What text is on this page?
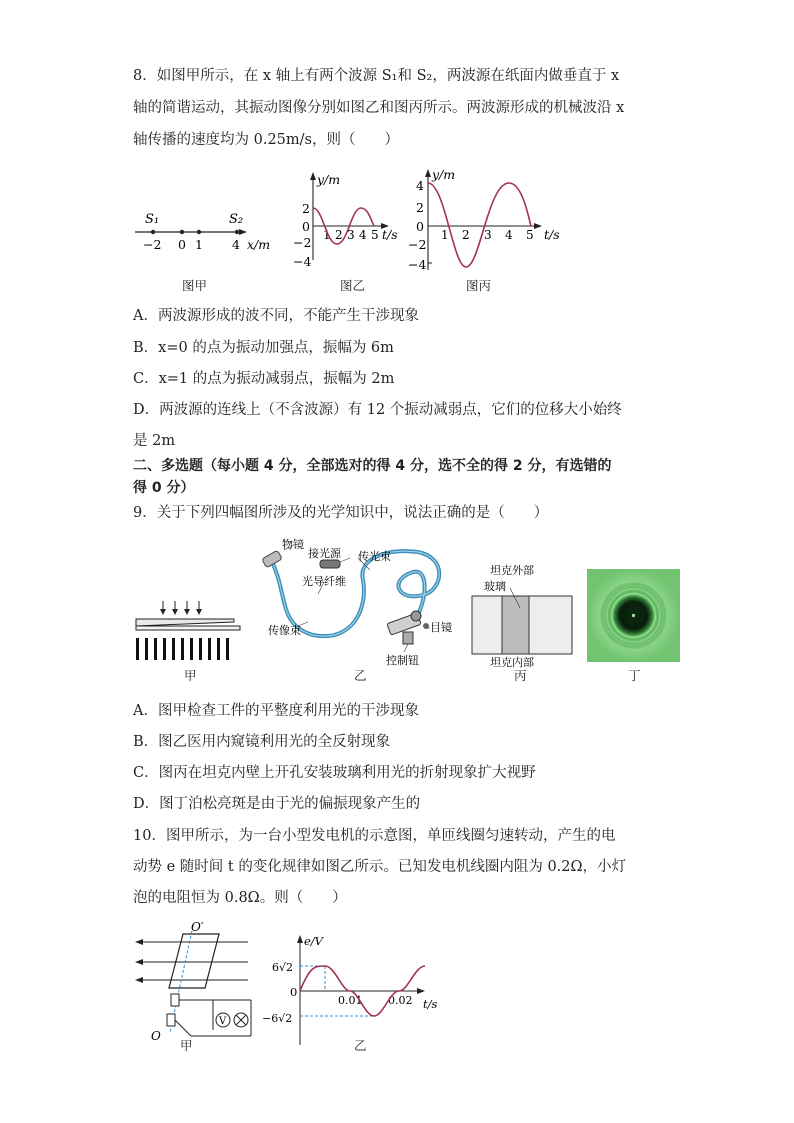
8．如图甲所示，在 x 轴上有两个波源 S₁和 S₂，两波源在纸面内做垂直于 x
轴的简谐运动，其振动图像分别如图乙和图丙所示。两波源形成的机械波沿 x
轴传播的速度均为 0.25m/s，则（　　）
S₁	S₂
−2 0 1 4 x/m
图甲
y/m
t/s
2
0
−2
−4
1 2 3 4 5
图乙
y/m
t/s
4
2
0
−2
−4
1 2 3 4 5
图丙
A．两波源形成的波不同，不能产生干涉现象
B．x=0 的点为振动加强点，振幅为 6m
C．x=1 的点为振动减弱点，振幅为 2m
D．两波源的连线上（不含波源）有 12 个振动减弱点，它们的位移大小始终
是 2m
二、多选题（每小题 4 分，全部选对的得 4 分，选不全的得 2 分，有选错的
得 0 分）
9．关于下列四幅图所涉及的光学知识中，说法正确的是（　　）
甲
物镜
接光源 传光束
光导纤维
传像束	目镜
控制钮
乙
坦克外部
玻璃
坦克内部
丙	丁
A．图甲检查工件的平整度利用光的干涉现象
B．图乙医用内窥镜利用光的全反射现象
C．图丙在坦克内壁上开孔安装玻璃利用光的折射现象扩大视野
D．图丁泊松亮斑是由于光的偏振现象产生的
10．图甲所示，为一台小型发电机的示意图，单匝线圈匀速转动，产生的电
动势 e 随时间 t 的变化规律如图乙所示。已知发电机线圈内阻为 0.2Ω，小灯
泡的电阻恒为 0.8Ω。则（　　）
V
O′
O
甲
e/V
t/s
0
6√2
−6√2
0.01 0.02
乙
